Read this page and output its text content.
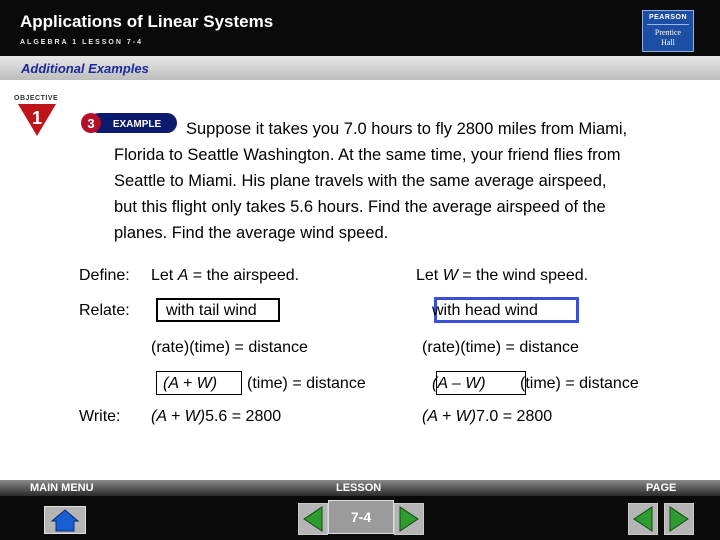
Applications of Linear Systems
ALGEBRA 1 LESSON 7-4
PEARSON
Prentice
Hall
Additional Examples
OBJECTIVE
1	3 EXAMPLE	Suppose it takes you 7.0 hours to fly 2800 miles from Miami,
Florida to Seattle Washington. At the same time, your friend flies from
Seattle to Miami. His plane travels with the same average airspeed,
but this flight only takes 5.6 hours. Find the average airspeed of the
planes. Find the average wind speed.
Define: Let A = the airspeed.	Let W = the wind speed.
Relate: with tail wind	with head wind
(rate)(time) = distance	(rate)(time) = distance
(A + W) (time) = distance	(A – W) (time) = distance
Write: (A + W)5.6 = 2800	(A + W)7.0 = 2800
MAIN MENU	LESSON	PAGE
7-4
